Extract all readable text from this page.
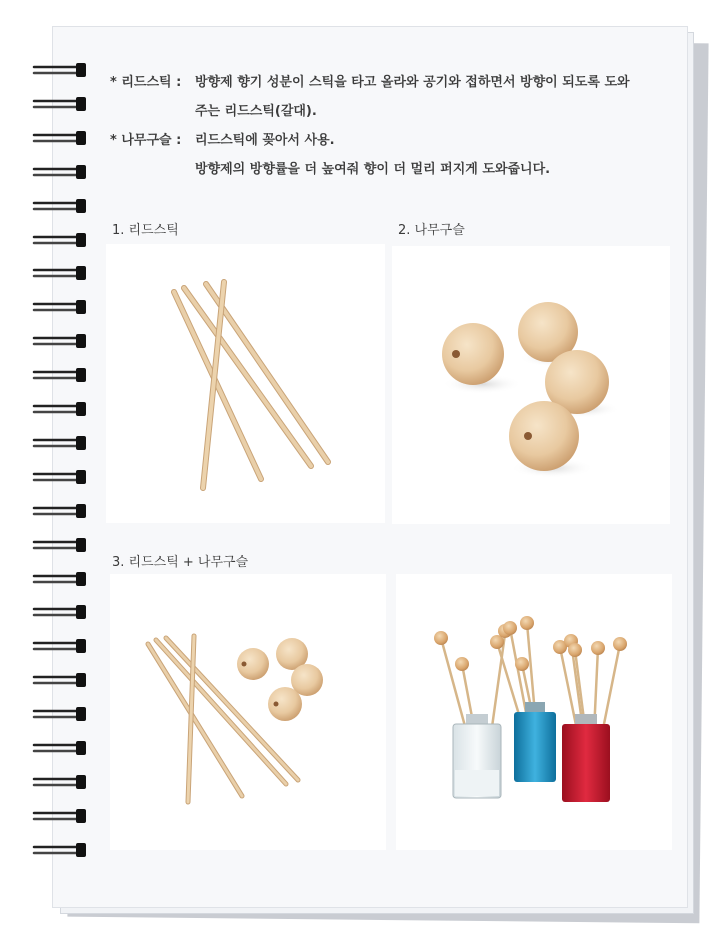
* 리드스틱 :	방향제 향기 성분이 스틱을 타고 올라와 공기와 접하면서 방향이 되도록 도와
주는 리드스틱(갈대).
* 나무구슬 :	리드스틱에 꽂아서 사용.
방향제의 방향률을 더 높여줘 향이 더 멀리 퍼지게 도와줍니다.
1. 리드스틱	2. 나무구슬
3. 리드스틱 + 나무구슬
